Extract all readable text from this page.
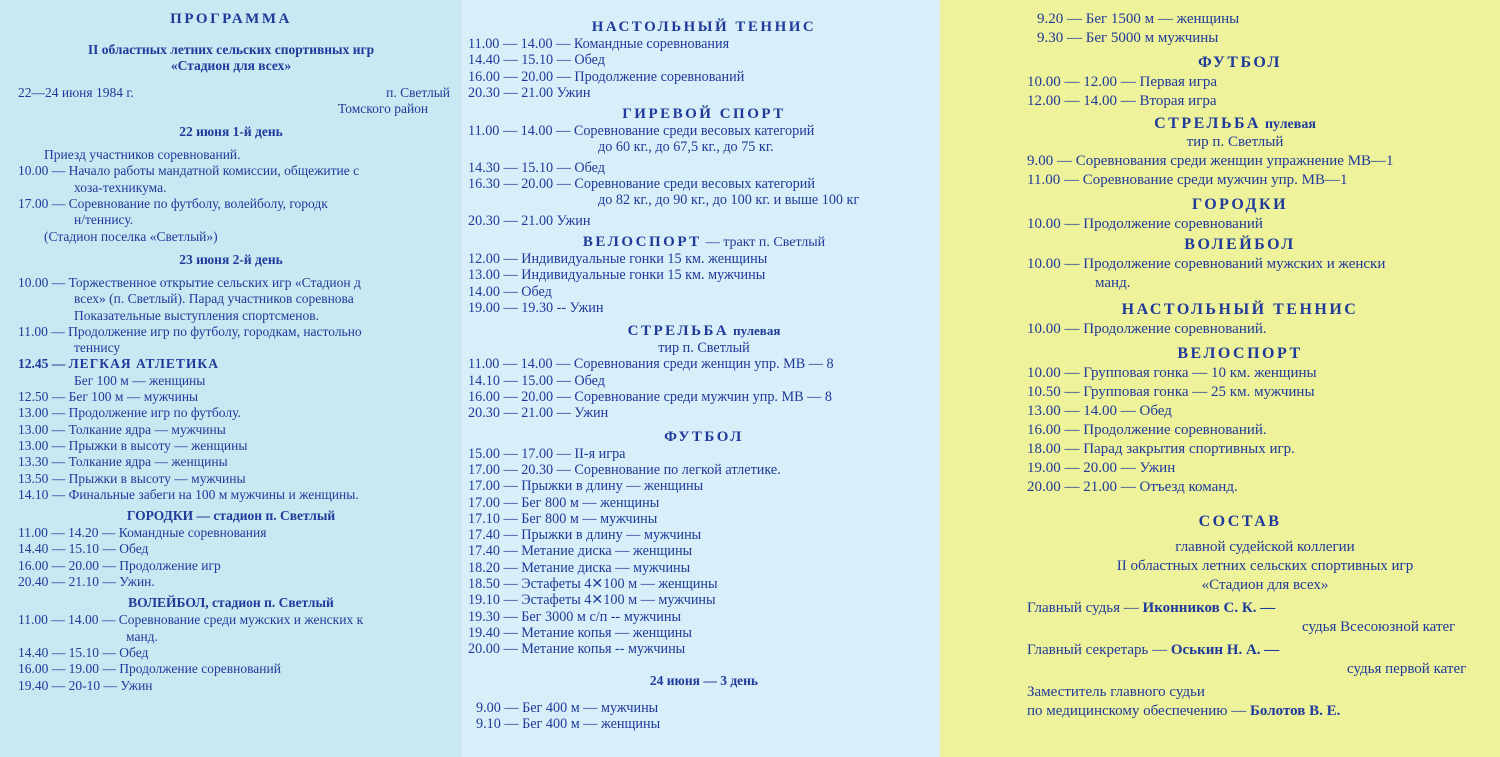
ПРОГРАММА
II областных летних сельских спортивных игр
«Стадион для всех»
22—24 июня 1984 г.	п. Светлый
Томского район
22 июня 1-й день
Приезд участников соревнований.
10.00 — Начало работы мандатной комиссии, общежитие с
хоза-техникума.
17.00 — Соревнование по футболу, волейболу, городк
н/теннису.
(Стадион поселка «Светлый»)
23 июня 2-й день
10.00 — Торжественное открытие сельских игр «Стадион д
всех» (п. Светлый). Парад участников соревнова
Показательные выступления спортсменов.
11.00 — Продолжение игр по футболу, городкам, настольно
теннису
12.45 — ЛЕГКАЯ АТЛЕТИКА
Бег 100 м — женщины
12.50 — Бег 100 м — мужчины
13.00 — Продолжение игр по футболу.
13.00 — Толкание ядра — мужчины
13.00 — Прыжки в высоту — женщины
13.30 — Толкание ядра — женщины
13.50 — Прыжки в высоту — мужчины
14.10 — Финальные забеги на 100 м мужчины и женщины.
ГОРОДКИ — стадион п. Светлый
11.00 — 14.20 — Командные соревнования
14.40 — 15.10 — Обед
16.00 — 20.00 — Продолжение игр
20.40 — 21.10 — Ужин.
ВОЛЕЙБОЛ, стадион п. Светлый
11.00 — 14.00 — Соревнование среди мужских и женских к
манд.
14.40 — 15.10 — Обед
16.00 — 19.00 — Продолжение соревнований
19.40 — 20-10 — Ужин
НАСТОЛЬНЫЙ ТЕННИС
11.00 — 14.00 — Командные соревнования
14.40 — 15.10 — Обед
16.00 — 20.00 — Продолжение соревнований
20.30 — 21.00 Ужин
ГИРЕВОЙ СПОРТ
11.00 — 14.00 — Соревнование среди весовых категорий
до 60 кг., до 67,5 кг., до 75 кг.
14.30 — 15.10 — Обед
16.30 — 20.00 — Соревнование среди весовых категорий
до 82 кг., до 90 кг., до 100 кг. и выше 100 кг
20.30 — 21.00 Ужин
ВЕЛОСПОРТ — тракт п. Светлый
12.00 — Индивидуальные гонки 15 км. женщины
13.00 — Индивидуальные гонки 15 км. мужчины
14.00 — Обед
19.00 — 19.30 -- Ужин
СТРЕЛЬБА пулевая
тир п. Светлый
11.00 — 14.00 — Соревнования среди женщин упр. МВ — 8
14.10 — 15.00 — Обед
16.00 — 20.00 — Соревнование среди мужчин упр. МВ — 8
20.30 — 21.00 — Ужин
ФУТБОЛ
15.00 — 17.00 — II-я игра
17.00 — 20.30 — Соревнование по легкой атлетике.
17.00 — Прыжки в длину — женщины
17.00 — Бег 800 м — женщины
17.10 — Бег 800 м — мужчины
17.40 — Прыжки в длину — мужчины
17.40 — Метание диска — женщины
18.20 — Метание диска — мужчины
18.50 — Эстафеты 4✕100 м — женщины
19.10 — Эстафеты 4✕100 м — мужчины
19.30 — Бег 3000 м с/п -- мужчины
19.40 — Метание копья — женщины
20.00 — Метание копья -- мужчины
24 июня — 3 день
9.00 — Бег 400 м — мужчины
9.10 — Бег 400 м — женщины
9.20 — Бег 1500 м — женщины
9.30 — Бег 5000 м мужчины
ФУТБОЛ
10.00 — 12.00 — Первая игра
12.00 — 14.00 — Вторая игра
СТРЕЛЬБА пулевая
тир п. Светлый
9.00 — Соревнования среди женщин упражнение МВ—1
11.00 — Соревнование среди мужчин упр. МВ—1
ГОРОДКИ
10.00 — Продолжение соревнований
ВОЛЕЙБОЛ
10.00 — Продолжение соревнований мужских и женски
манд.
НАСТОЛЬНЫЙ ТЕННИС
10.00 — Продолжение соревнований.
ВЕЛОСПОРТ
10.00 — Групповая гонка — 10 км. женщины
10.50 — Групповая гонка — 25 км. мужчины
13.00 — 14.00 — Обед
16.00 — Продолжение соревнований.
18.00 — Парад закрытия спортивных игр.
19.00 — 20.00 — Ужин
20.00 — 21.00 — Отъезд команд.
СОСТАВ
главной судейской коллегии
II областных летних сельских спортивных игр
«Стадион для всех»
Главный судья — Иконников С. К. —
судья Всесоюзной катег
Главный секретарь — Оськин Н. А. —
судья первой катег
Заместитель главного судьи
по медицинскому обеспечению — Болотов В. Е.
